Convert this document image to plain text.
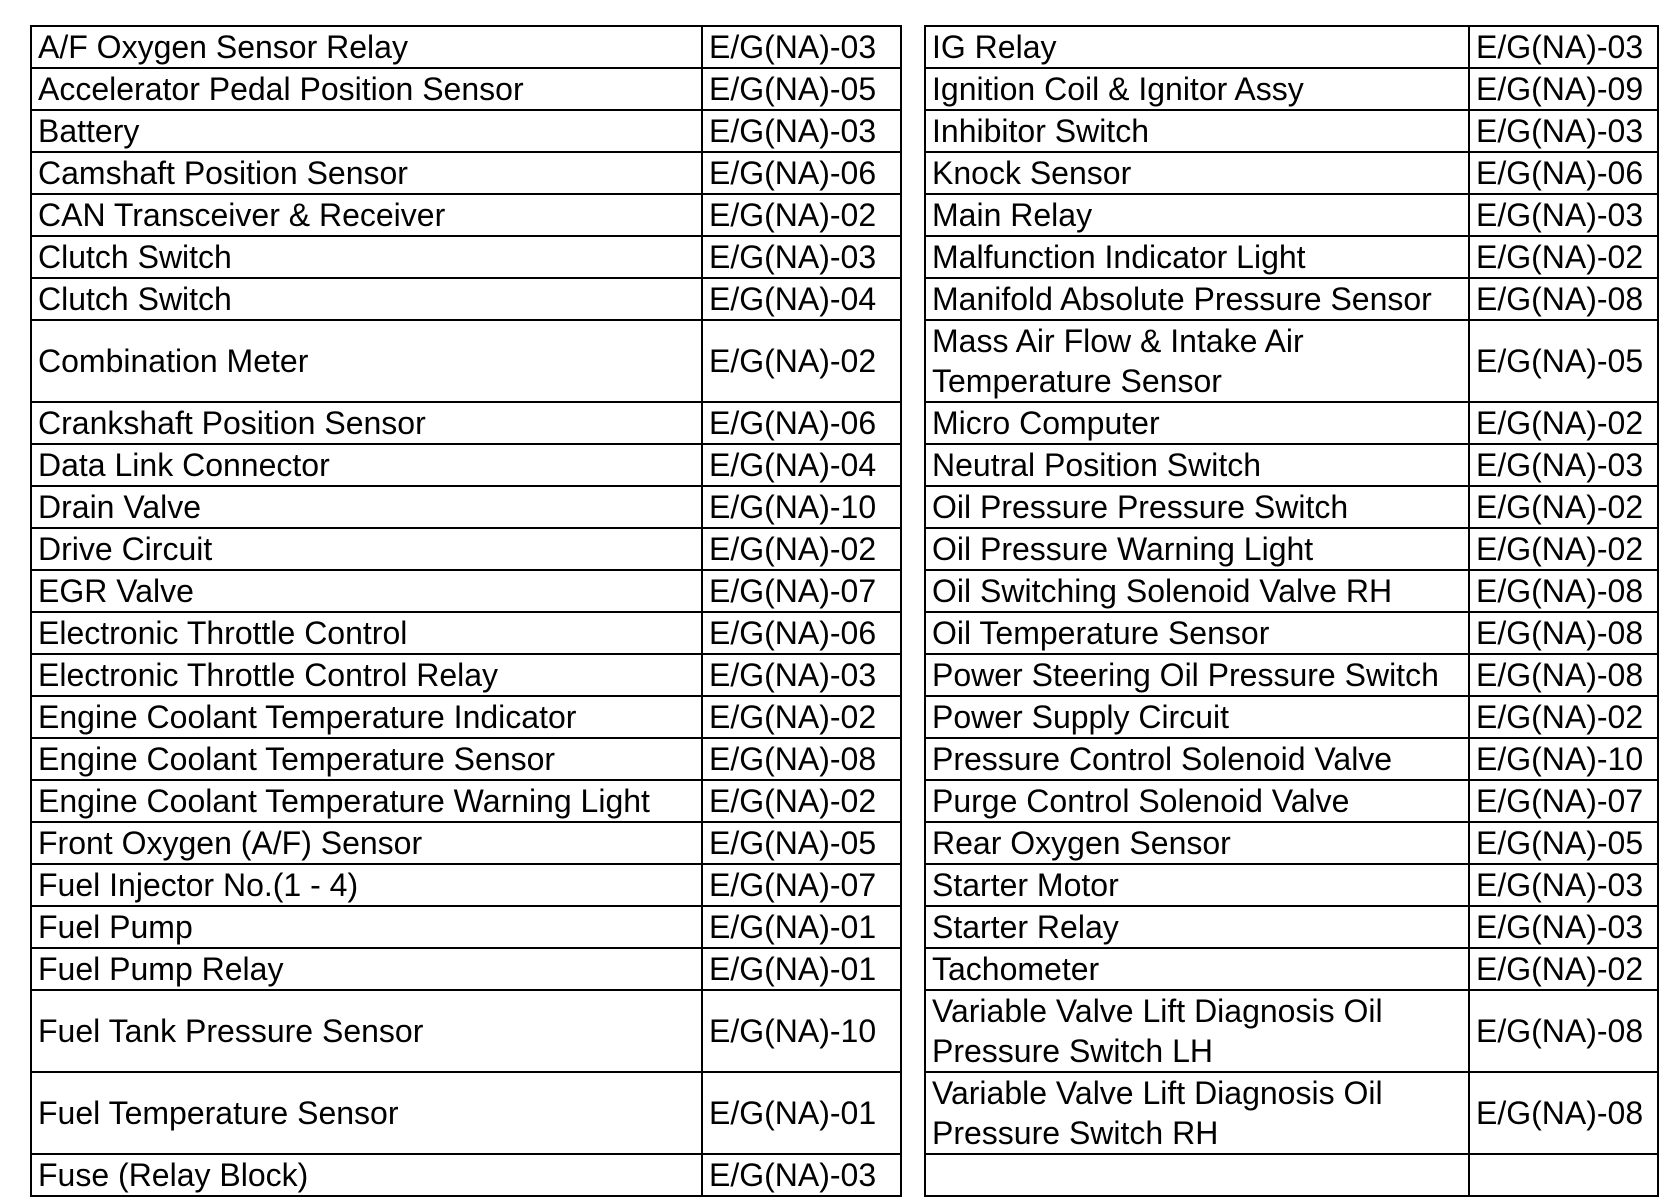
A/F Oxygen Sensor Relay	E/G(NA)-03		IG Relay	E/G(NA)-03
Accelerator Pedal Position Sensor	E/G(NA)-05		Ignition Coil & Ignitor Assy	E/G(NA)-09
Battery	E/G(NA)-03		Inhibitor Switch	E/G(NA)-03
Camshaft Position Sensor	E/G(NA)-06		Knock Sensor	E/G(NA)-06
CAN Transceiver & Receiver	E/G(NA)-02		Main Relay	E/G(NA)-03
Clutch Switch	E/G(NA)-03		Malfunction Indicator Light	E/G(NA)-02
Clutch Switch	E/G(NA)-04		Manifold Absolute Pressure Sensor	E/G(NA)-08
Combination Meter	E/G(NA)-02		Mass Air Flow & Intake Air Temperature Sensor	E/G(NA)-05
Crankshaft Position Sensor	E/G(NA)-06		Micro Computer	E/G(NA)-02
Data Link Connector	E/G(NA)-04		Neutral Position Switch	E/G(NA)-03
Drain Valve	E/G(NA)-10		Oil Pressure Pressure Switch	E/G(NA)-02
Drive Circuit	E/G(NA)-02		Oil Pressure Warning Light	E/G(NA)-02
EGR Valve	E/G(NA)-07		Oil Switching Solenoid Valve RH	E/G(NA)-08
Electronic Throttle Control	E/G(NA)-06		Oil Temperature Sensor	E/G(NA)-08
Electronic Throttle Control Relay	E/G(NA)-03		Power Steering Oil Pressure Switch	E/G(NA)-08
Engine Coolant Temperature Indicator	E/G(NA)-02		Power Supply Circuit	E/G(NA)-02
Engine Coolant Temperature Sensor	E/G(NA)-08		Pressure Control Solenoid Valve	E/G(NA)-10
Engine Coolant Temperature Warning Light	E/G(NA)-02		Purge Control Solenoid Valve	E/G(NA)-07
Front Oxygen (A/F) Sensor	E/G(NA)-05		Rear Oxygen Sensor	E/G(NA)-05
Fuel Injector No.(1 - 4)	E/G(NA)-07		Starter Motor	E/G(NA)-03
Fuel Pump	E/G(NA)-01		Starter Relay	E/G(NA)-03
Fuel Pump Relay	E/G(NA)-01		Tachometer	E/G(NA)-02
Fuel Tank Pressure Sensor	E/G(NA)-10		Variable Valve Lift Diagnosis Oil Pressure Switch LH	E/G(NA)-08
Fuel Temperature Sensor	E/G(NA)-01		Variable Valve Lift Diagnosis Oil Pressure Switch RH	E/G(NA)-08
Fuse (Relay Block)	E/G(NA)-03			
